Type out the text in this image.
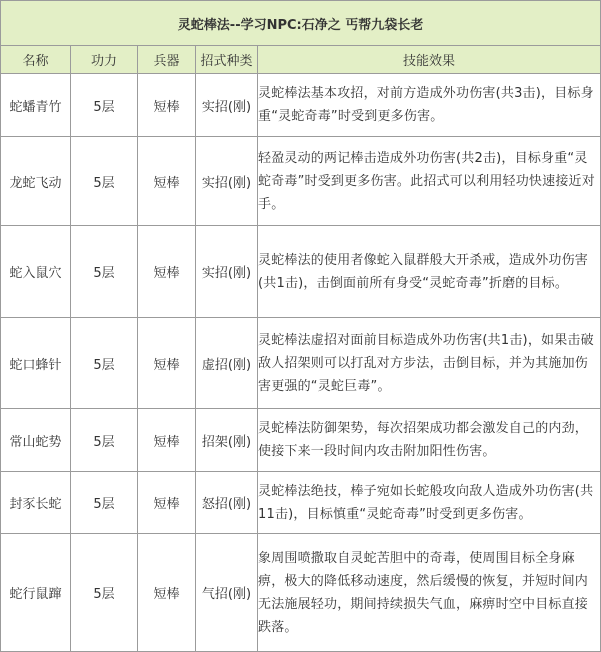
灵蛇棒法--学习NPC:石净之 丐帮九袋长老				
名称	功力	兵器	招式种类	技能效果
蛇蟠青竹	5层	短棒	实招(刚)	灵蛇棒法基本攻招，对前方造成外功伤害(共3击)，目标身重“灵蛇奇毒”时受到更多伤害。
龙蛇飞动	5层	短棒	实招(刚)	轻盈灵动的两记棒击造成外功伤害(共2击)，目标身重“灵蛇奇毒”时受到更多伤害。此招式可以利用轻功快速接近对手。
蛇入鼠穴	5层	短棒	实招(刚)	灵蛇棒法的使用者像蛇入鼠群般大开杀戒，造成外功伤害(共1击)，击倒面前所有身受“灵蛇奇毒”折磨的目标。
蛇口蜂针	5层	短棒	虚招(刚)	灵蛇棒法虚招对面前目标造成外功伤害(共1击)，如果击破敌人招架则可以打乱对方步法，击倒目标，并为其施加伤害更强的“灵蛇巨毒”。
常山蛇势	5层	短棒	招架(刚)	灵蛇棒法防御架势，每次招架成功都会激发自己的内劲，使接下来一段时间内攻击附加阳性伤害。
封豕长蛇	5层	短棒	怒招(刚)	灵蛇棒法绝技，棒子宛如长蛇般攻向敌人造成外功伤害(共11击)，目标慎重“灵蛇奇毒”时受到更多伤害。
蛇行鼠蹿	5层	短棒	气招(刚)	象周围喷撒取自灵蛇苦胆中的奇毒，使周围目标全身麻痹，极大的降低移动速度，然后缓慢的恢复，并短时间内无法施展轻功，期间持续损失气血，麻痹时空中目标直接跌落。
